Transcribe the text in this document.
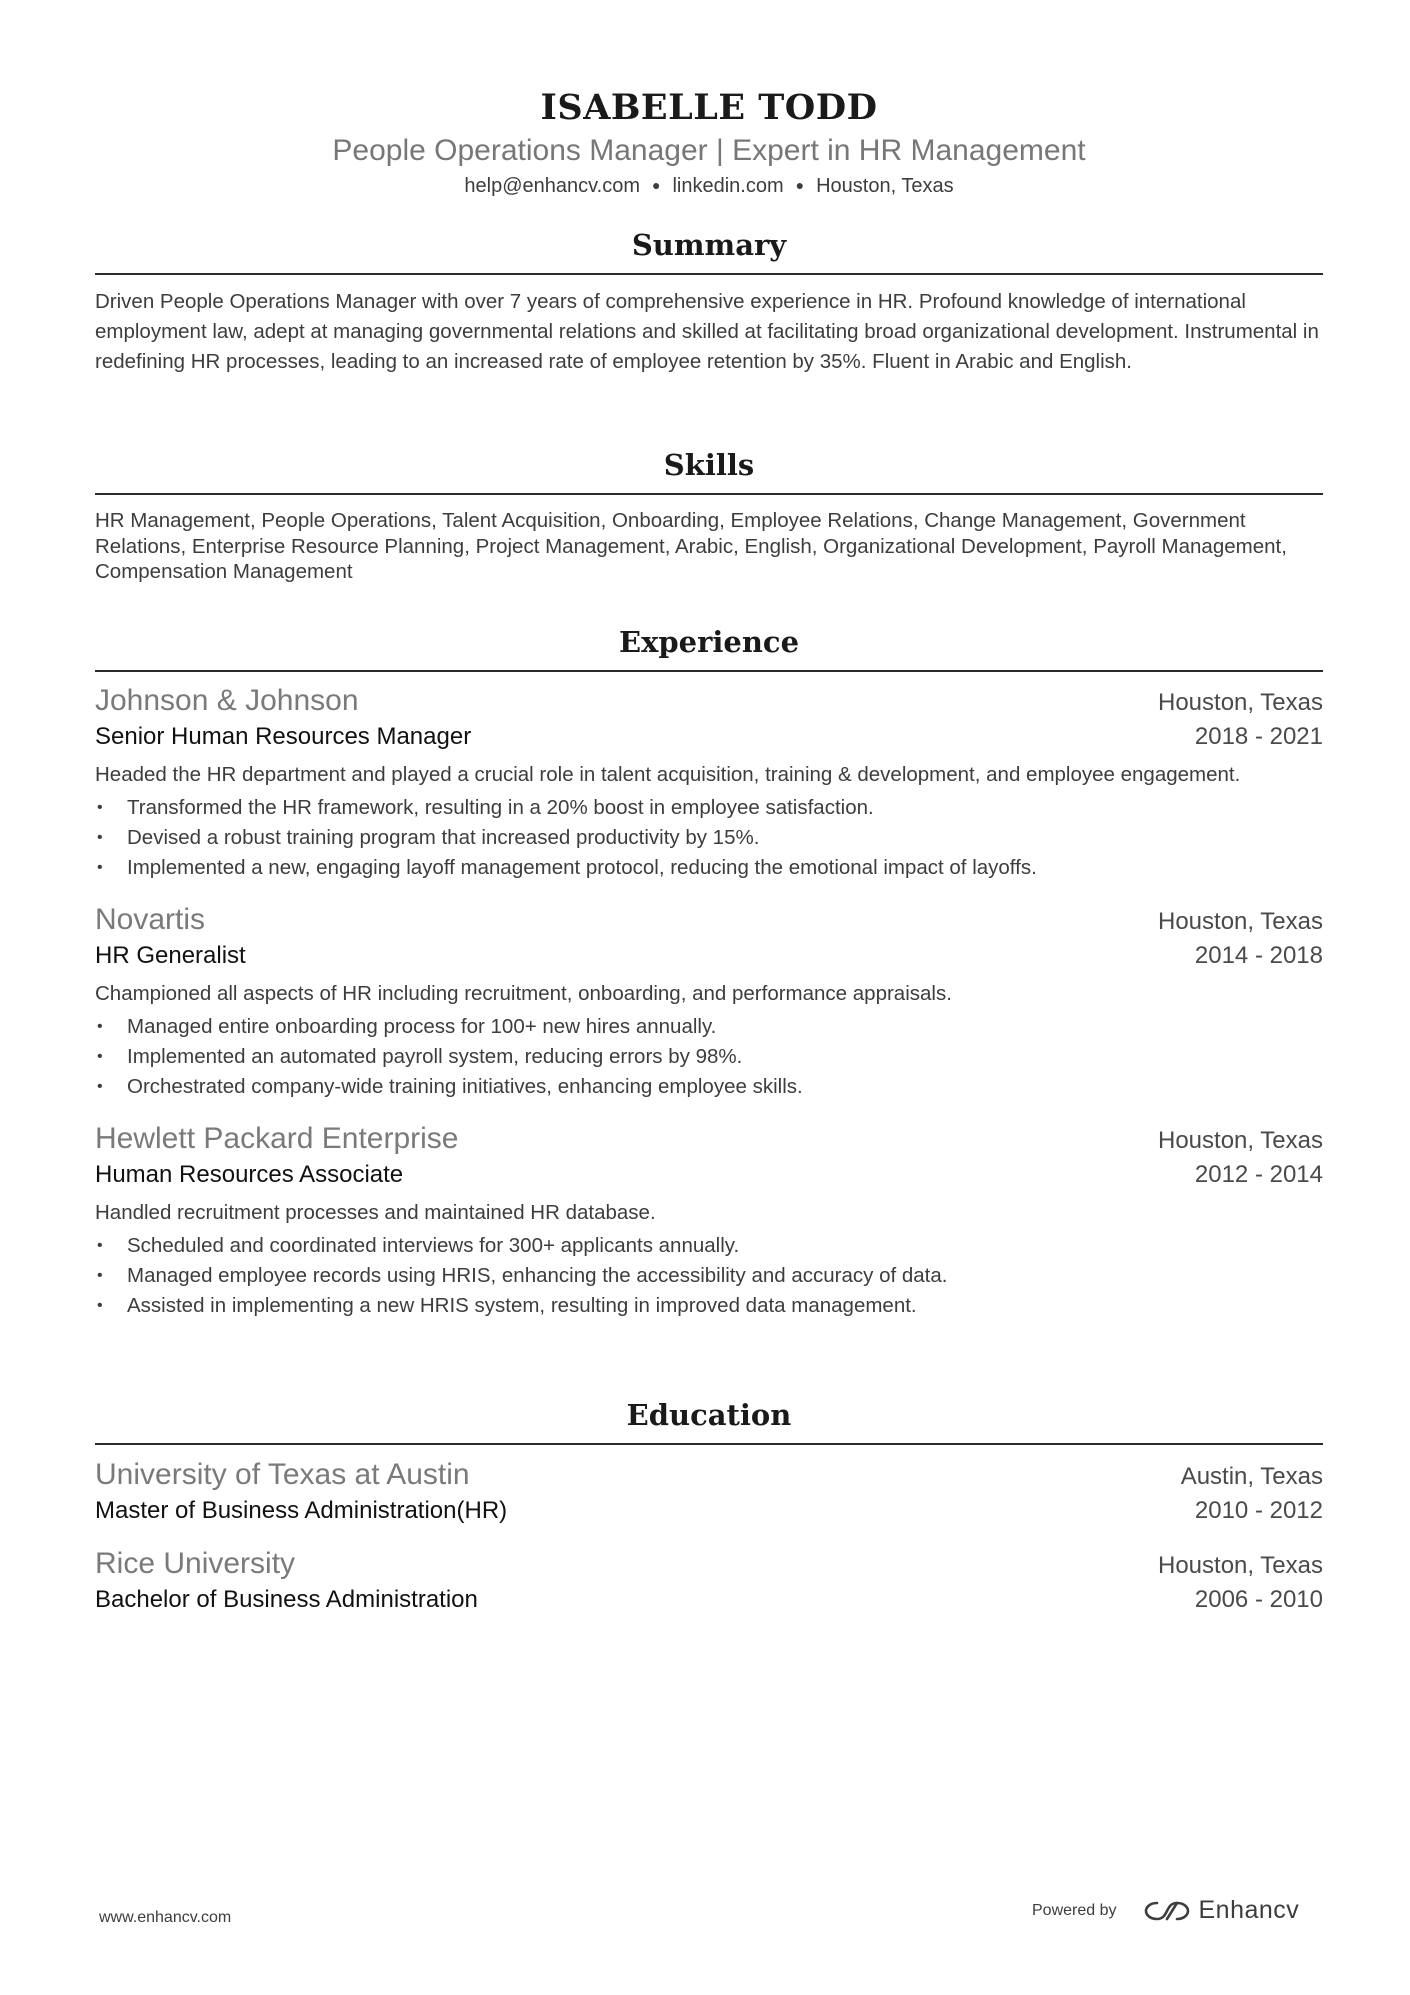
ISABELLE TODD
People Operations Manager | Expert in HR Management
help@enhancv.com ● linkedin.com ● Houston, Texas
Summary

Driven People Operations Manager with over 7 years of comprehensive experience in HR. Profound knowledge of international employment law, adept at managing governmental relations and skilled at facilitating broad organizational development. Instrumental in redefining HR processes, leading to an increased rate of employee retention by 35%. Fluent in Arabic and English.

Skills

HR Management, People Operations, Talent Acquisition, Onboarding, Employee Relations, Change Management, Government Relations, Enterprise Resource Planning, Project Management, Arabic, English, Organizational Development, Payroll Management, Compensation Management

Experience
Johnson & Johnson	Houston, Texas
Senior Human Resources Manager	2018 - 2021

Headed the HR department and played a crucial role in talent acquisition, training & development, and employee engagement.

• Transformed the HR framework, resulting in a 20% boost in employee satisfaction.
• Devised a robust training program that increased productivity by 15%.
• Implemented a new, engaging layoff management protocol, reducing the emotional impact of layoffs.
Novartis	Houston, Texas
HR Generalist	2014 - 2018

Championed all aspects of HR including recruitment, onboarding, and performance appraisals.

• Managed entire onboarding process for 100+ new hires annually.
• Implemented an automated payroll system, reducing errors by 98%.
• Orchestrated company-wide training initiatives, enhancing employee skills.
Hewlett Packard Enterprise	Houston, Texas
Human Resources Associate	2012 - 2014

Handled recruitment processes and maintained HR database.

• Scheduled and coordinated interviews for 300+ applicants annually.
• Managed employee records using HRIS, enhancing the accessibility and accuracy of data.
• Assisted in implementing a new HRIS system, resulting in improved data management.
Education
University of Texas at Austin	Austin, Texas
Master of Business Administration(HR)	2010 - 2012
Rice University	Houston, Texas
Bachelor of Business Administration	2006 - 2010
www.enhancv.com	Powered by	Enhancv
